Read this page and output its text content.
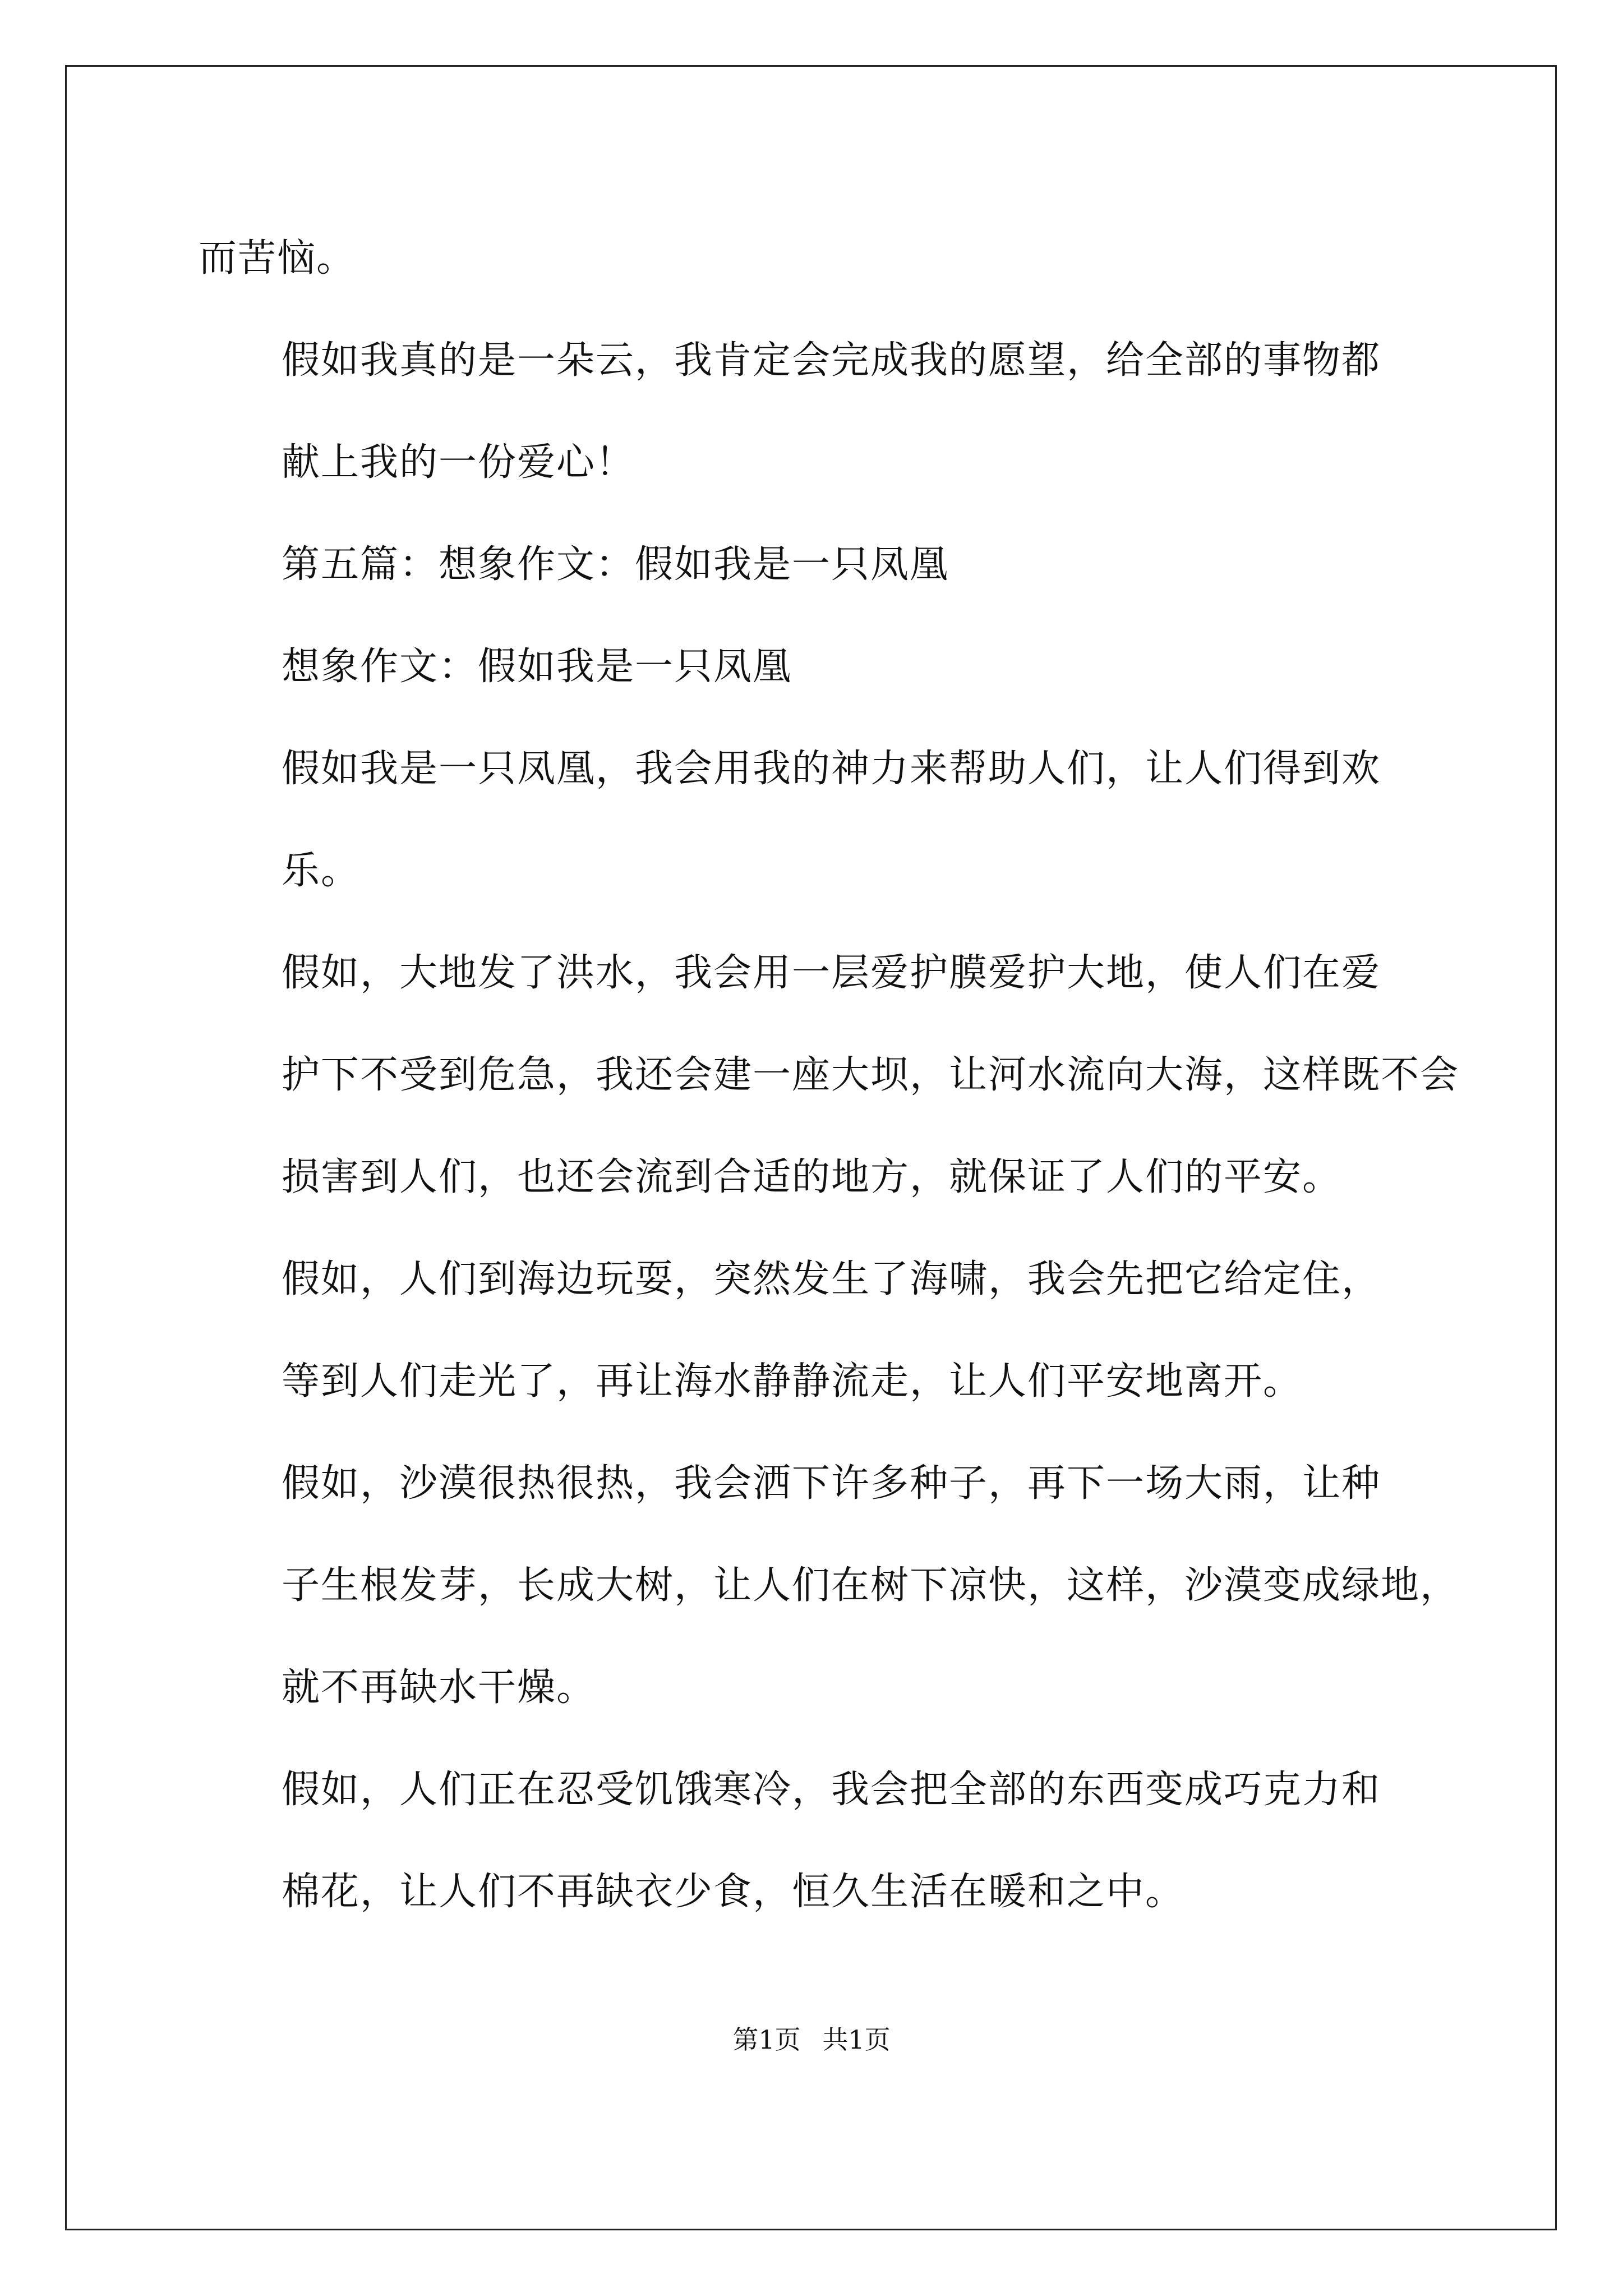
而苦恼。

假如我真的是一朵云，我肯定会完成我的愿望，给全部的事物都
献上我的一份爱心！

第五篇：想象作文：假如我是一只凤凰

想象作文：假如我是一只凤凰

假如我是一只凤凰，我会用我的神力来帮助人们，让人们得到欢
乐。

假如，大地发了洪水，我会用一层爱护膜爱护大地，使人们在爱
护下不受到危急，我还会建一座大坝，让河水流向大海，这样既不会
损害到人们，也还会流到合适的地方，就保证了人们的平安。

假如，人们到海边玩耍，突然发生了海啸，我会先把它给定住，
等到人们走光了，再让海水静静流走，让人们平安地离开。

假如，沙漠很热很热，我会洒下许多种子，再下一场大雨，让种
子生根发芽，长成大树，让人们在树下凉快，这样，沙漠变成绿地，
就不再缺水干燥。

假如，人们正在忍受饥饿寒冷，我会把全部的东西变成巧克力和
棉花，让人们不再缺衣少食，恒久生活在暖和之中。

第1页 共1页
